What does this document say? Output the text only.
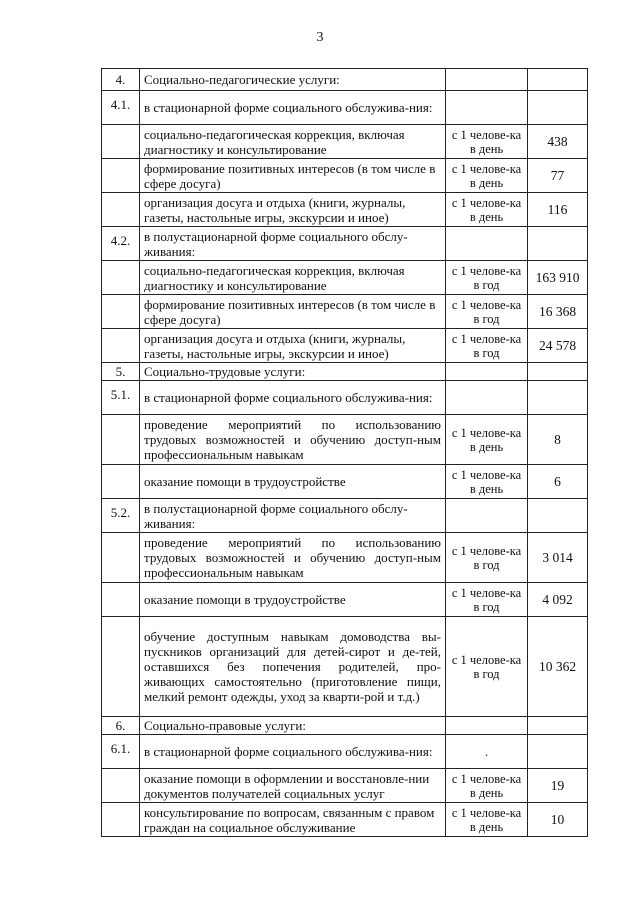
3
4.	Социально-педагогические услуги:		
4.1.	в стационарной форме социального обслужива-ния:		
	социально-педагогическая коррекция, включая диагностику и консультирование	с 1 челове-ка в день	438
	формирование позитивных интересов (в том числе в сфере досуга)	с 1 челове-ка в день	77
	организация досуга и отдыха (книги, журналы, газеты, настольные игры, экскурсии и иное)	с 1 челове-ка в день	116
4.2.	в полустационарной форме социального обслу-живания:		
	социально-педагогическая коррекция, включая диагностику и консультирование	с 1 челове-ка в год	163 910
	формирование позитивных интересов (в том числе в сфере досуга)	с 1 челове-ка в год	16 368
	организация досуга и отдыха (книги, журналы, газеты, настольные игры, экскурсии и иное)	с 1 челове-ка в год	24 578
5.	Социально-трудовые услуги:		
5.1.	в стационарной форме социального обслужива-ния:		
	проведение мероприятий по использованию трудовых возможностей и обучению доступ-ным профессиональным навыкам	с 1 челове-ка в день	8
	оказание помощи в трудоустройстве	с 1 челове-ка в день	6
5.2.	в полустационарной форме социального обслу-живания:		
	проведение мероприятий по использованию трудовых возможностей и обучению доступ-ным профессиональным навыкам	с 1 челове-ка в год	3 014
	оказание помощи в трудоустройстве	с 1 челове-ка в год	4 092
	обучение доступным навыкам домоводства вы-пускников организаций для детей-сирот и де-тей, оставшихся без попечения родителей, про-живающих самостоятельно (приготовление пищи, мелкий ремонт одежды, уход за кварти-рой и т.д.)	с 1 челове-ка в год	10 362
6.	Социально-правовые услуги:		
6.1.	в стационарной форме социального обслужива-ния:	.	
	оказание помощи в оформлении и восстановле-нии документов получателей социальных услуг	с 1 челове-ка в день	19
	консультирование по вопросам, связанным с правом граждан на социальное обслуживание	с 1 челове-ка в день	10
